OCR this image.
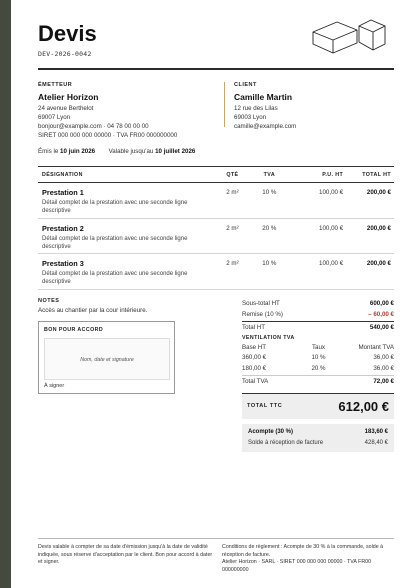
Devis
DEV-2026-0042
ÉMETTEUR
Atelier Horizon
24 avenue Berthelot
69007 Lyon
bonjour@example.com · 04 78 00 00 00
SIRET 000 000 000 00000 · TVA FR00 000000000
CLIENT
Camille Martin
12 rue des Lilas
69003 Lyon
camille@example.com
Émis le 10 juin 2026 Valable jusqu'au 10 juillet 2026
DÉSIGNATION	QTÉ	TVA	P.U. HT	TOTAL HT
Prestation 1
Détail complet de la prestation avec une seconde ligne descriptive
2 m²	10 %	100,00 €	200,00 €
Prestation 2
Détail complet de la prestation avec une seconde ligne descriptive
2 m²	20 %	100,00 €	200,00 €
Prestation 3
Détail complet de la prestation avec une seconde ligne descriptive
2 m²	10 %	100,00 €	200,00 €
NOTES
Accès au chantier par la cour intérieure.
BON POUR ACCORD
Nom, date et signature
À signer
Sous-total HT	600,00 €
Remise (10 %)	– 60,00 €
Total HT	540,00 €
VENTILATION TVA
Base HT	Taux	Montant TVA
360,00 €	10 %	36,00 €
180,00 €	20 %	36,00 €
Total TVA	72,00 €
TOTAL TTC	612,00 €
Acompte (30 %)	183,60 €
Solde à réception de facture	428,40 €
Devis valable à compter de sa date d'émission jusqu'à la date de validité indiquée, sous réserve d'acceptation par le client. Bon pour accord à dater et signer.
Conditions de règlement : Acompte de 30 % à la commande, solde à réception de facture.
Atelier Horizon · SARL · SIRET 000 000 000 00000 · TVA FR00 000000000
